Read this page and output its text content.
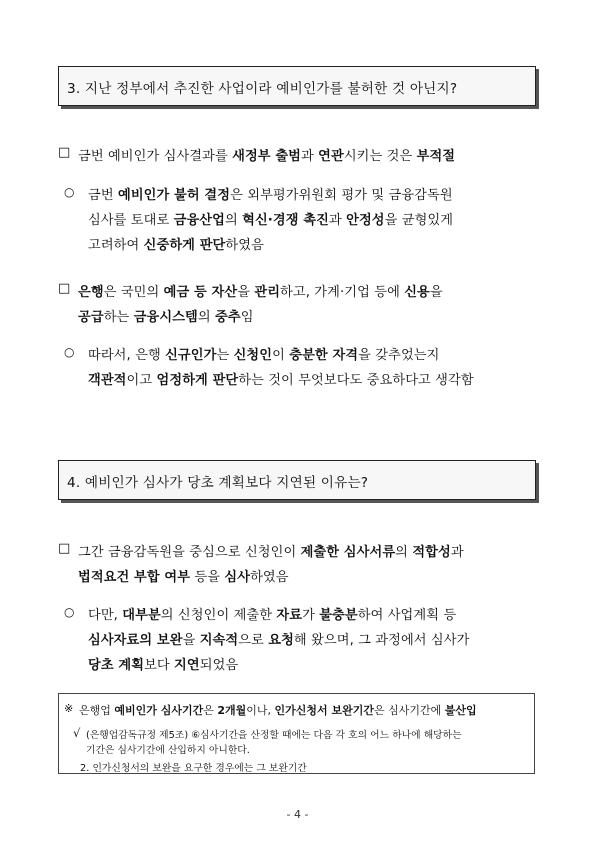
3. 지난 정부에서 추진한 사업이라 예비인가를 불허한 것 아닌지?
□ 금번 예비인가 심사결과를 새정부 출범과 연관시키는 것은 부적절
○ 금번 예비인가 불허 결정은 외부평가위원회 평가 및 금융감독원
심사를 토대로 금융산업의 혁신·경쟁 촉진과 안정성을 균형있게
고려하여 신중하게 판단하였음
□ 은행은 국민의 예금 등 자산을 관리하고, 가계·기업 등에 신용을
공급하는 금융시스템의 중추임
○ 따라서, 은행 신규인가는 신청인이 충분한 자격을 갖추었는지
객관적이고 엄정하게 판단하는 것이 무엇보다도 중요하다고 생각함
4. 예비인가 심사가 당초 계획보다 지연된 이유는?
□ 그간 금융감독원을 중심으로 신청인이 제출한 심사서류의 적합성과
법적요건 부합 여부 등을 심사하였음
○ 다만, 대부분의 신청인이 제출한 자료가 불충분하여 사업계획 등
심사자료의 보완을 지속적으로 요청해 왔으며, 그 과정에서 심사가
당초 계획보다 지연되었음
※ 은행업 예비인가 심사기간은 2개월이나, 인가신청서 보완기간은 심사기간에 불산입
√ (은행업감독규정 제5조) ⑥심사기간을 산정할 때에는 다음 각 호의 어느 하나에 해당하는
기간은 심사기간에 산입하지 아니한다.
2. 인가신청서의 보완을 요구한 경우에는 그 보완기간
- 4 -
